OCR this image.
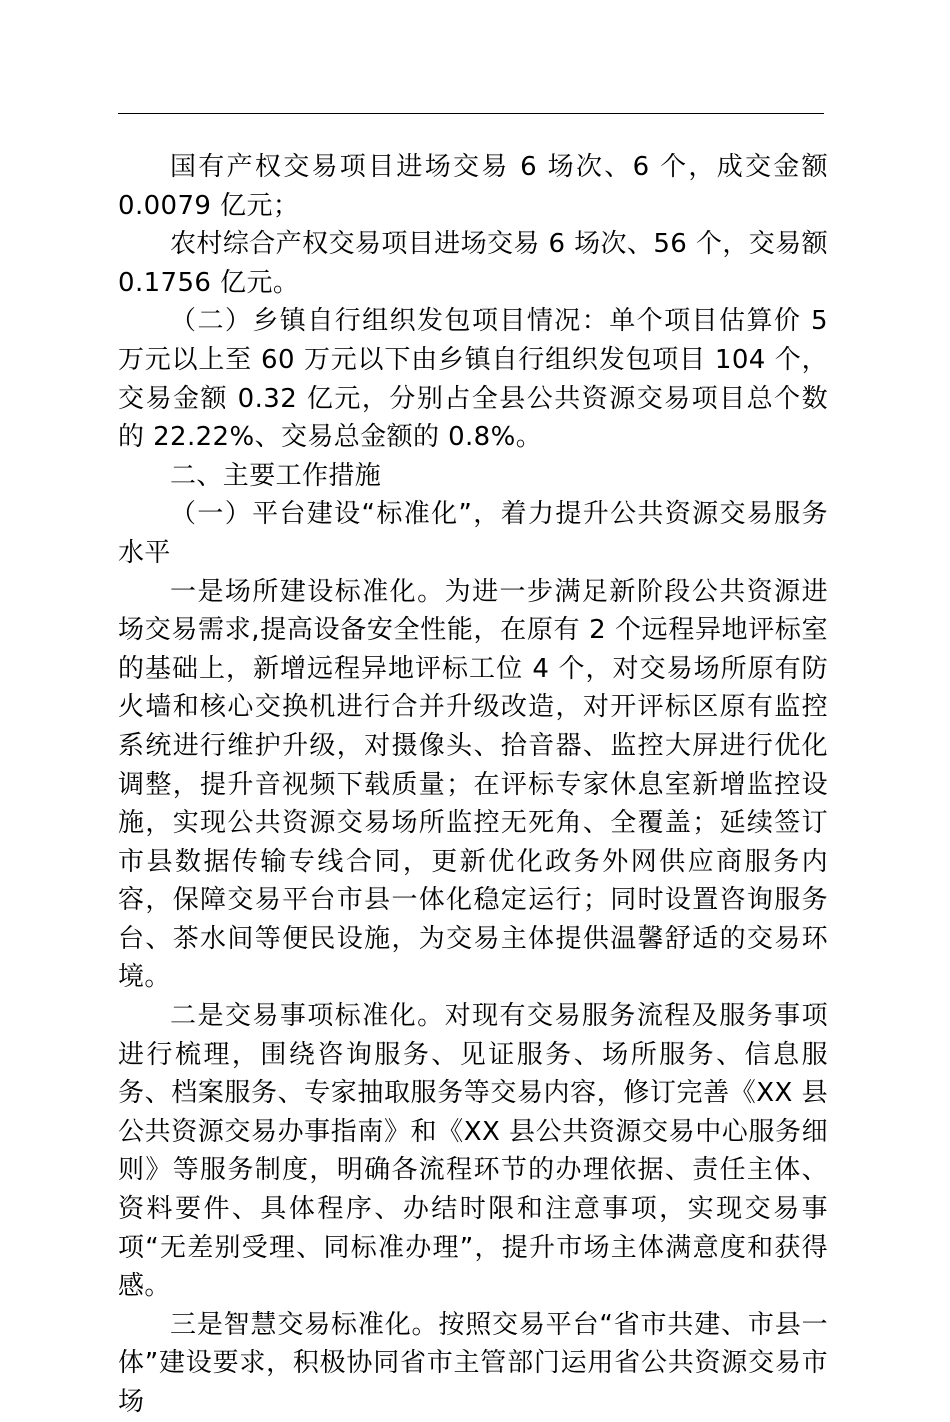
国有产权交易项目进场交易 6 场次、6 个，成交金额 0.0079 亿元；

农村综合产权交易项目进场交易 6 场次、56 个，交易额 0.1756 亿元。

（二）乡镇自行组织发包项目情况：单个项目估算价 5 万元以上至 60 万元以下由乡镇自行组织发包项目 104 个，交易金额 0.32 亿元，分别占全县公共资源交易项目总个数的 22.22%、交易总金额的 0.8%。

二、主要工作措施

（一）平台建设“标准化”，着力提升公共资源交易服务水平

一是场所建设标准化。为进一步满足新阶段公共资源进场交易需求,提高设备安全性能，在原有 2 个远程异地评标室的基础上，新增远程异地评标工位 4 个，对交易场所原有防火墙和核心交换机进行合并升级改造，对开评标区原有监控系统进行维护升级，对摄像头、拾音器、监控大屏进行优化调整，提升音视频下载质量；在评标专家休息室新增监控设施，实现公共资源交易场所监控无死角、全覆盖；延续签订市县数据传输专线合同，更新优化政务外网供应商服务内容，保障交易平台市县一体化稳定运行；同时设置咨询服务台、茶水间等便民设施，为交易主体提供温馨舒适的交易环境。

二是交易事项标准化。对现有交易服务流程及服务事项进行梳理，围绕咨询服务、见证服务、场所服务、信息服务、档案服务、专家抽取服务等交易内容，修订完善《XX 县公共资源交易办事指南》和《XX 县公共资源交易中心服务细则》等服务制度，明确各流程环节的办理依据、责任主体、资料要件、具体程序、办结时限和注意事项，实现交易事项“无差别受理、同标准办理”，提升市场主体满意度和获得感。

三是智慧交易标准化。按照交易平台“省市共建、市县一体”建设要求，积极协同省市主管部门运用省公共资源交易市场
